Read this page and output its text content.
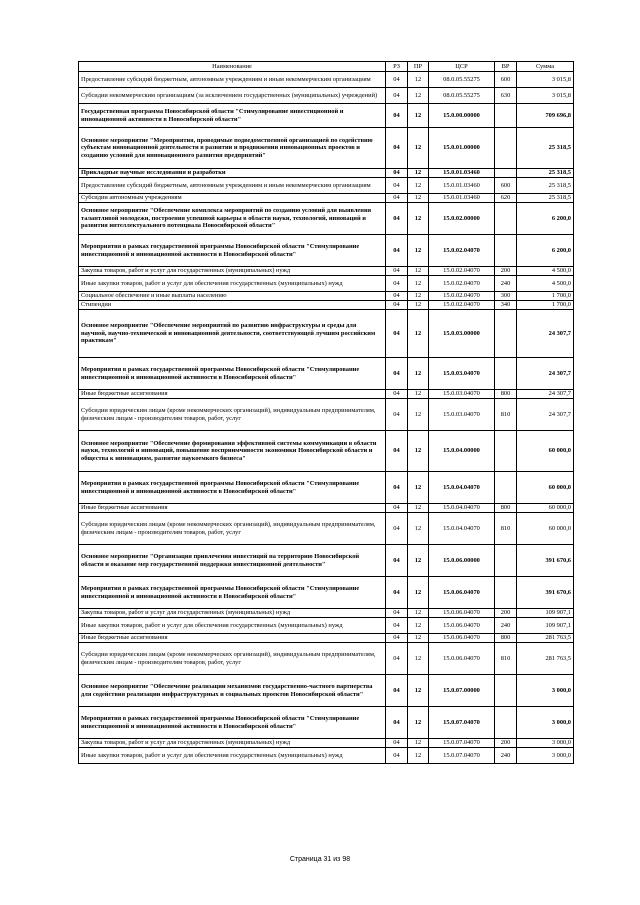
Наименование	РЗ	ПР	ЦСР	ВР	Сумма
Предоставление субсидий бюджетным, автономным учреждениям и иным некоммерческим организациям	04	12	08.0.05.55275	600	3 015,8
Субсидии некоммерческим организациям (за исключением государственных (муниципальных) учреждений)	04	12	08.0.05.55275	630	3 015,8
Государственная программа Новосибирской области "Стимулирование инвестиционной и инновационной активности в Новосибирской области"	04	12	15.0.00.00000		709 696,8
Основное мероприятие "Мероприятия, проводимые подведомственной организацией по содействию субъектам инновационной деятельности в развитии и продвижении инновационных проектов и созданию условий для инновационного развития предприятий"	04	12	15.0.01.00000		25 318,5
Прикладные научные исследования и разработки	04	12	15.0.01.03460		25 318,5
Предоставление субсидий бюджетным, автономным учреждениям и иным некоммерческим организациям	04	12	15.0.01.03460	600	25 318,5
Субсидии автономным учреждениям	04	12	15.0.01.03460	620	25 318,5
Основное мероприятие "Обеспечение комплекса мероприятий по созданию условий для выявления талантливой молодежи, построения успешной карьеры в области науки, технологий, инноваций и развития интеллектуального потенциала Новосибирской области"	04	12	15.0.02.00000		6 200,0
Мероприятия в рамках государственной программы Новосибирской области "Стимулирование инвестиционной и инновационной активности в Новосибирской области"	04	12	15.0.02.04070		6 200,0
Закупка товаров, работ и услуг для государственных (муниципальных) нужд	04	12	15.0.02.04070	200	4 500,0
Иные закупки товаров, работ и услуг для обеспечения государственных (муниципальных) нужд	04	12	15.0.02.04070	240	4 500,0
Социальное обеспечение и иные выплаты населению	04	12	15.0.02.04070	300	1 700,0
Стипендии	04	12	15.0.02.04070	340	1 700,0
Основное мероприятие "Обеспечение мероприятий по развитию инфраструктуры и среды для научной, научно-технической и инновационной деятельности, соответствующей лучшим российским практикам"	04	12	15.0.03.00000		24 307,7
Мероприятия в рамках государственной программы Новосибирской области "Стимулирование инвестиционной и инновационной активности в Новосибирской области"	04	12	15.0.03.04070		24 307,7
Иные бюджетные ассигнования	04	12	15.0.03.04070	800	24 307,7
Субсидии юридическим лицам (кроме некоммерческих организаций), индивидуальным предпринимателям, физическим лицам - производителям товаров, работ, услуг	04	12	15.0.03.04070	810	24 307,7
Основное мероприятие "Обеспечение формирования эффективной системы коммуникации в области науки, технологий и инноваций, повышение восприимчивости экономики Новосибирской области и общества к инновациям, развитие наукоемкого бизнеса"	04	12	15.0.04.00000		60 000,0
Мероприятия в рамках государственной программы Новосибирской области "Стимулирование инвестиционной и инновационной активности в Новосибирской области"	04	12	15.0.04.04070		60 000,0
Иные бюджетные ассигнования	04	12	15.0.04.04070	800	60 000,0
Субсидии юридическим лицам (кроме некоммерческих организаций), индивидуальным предпринимателям, физическим лицам - производителям товаров, работ, услуг	04	12	15.0.04.04070	810	60 000,0
Основное мероприятие "Организация привлечения инвестиций на территорию Новосибирской области и оказание мер государственной поддержки инвестиционной деятельности"	04	12	15.0.06.00000		391 670,6
Мероприятия в рамках государственной программы Новосибирской области "Стимулирование инвестиционной и инновационной активности в Новосибирской области"	04	12	15.0.06.04070		391 670,6
Закупка товаров, работ и услуг для государственных (муниципальных) нужд	04	12	15.0.06.04070	200	109 907,1
Иные закупки товаров, работ и услуг для обеспечения государственных (муниципальных) нужд	04	12	15.0.06.04070	240	109 907,1
Иные бюджетные ассигнования	04	12	15.0.06.04070	800	281 763,5
Субсидии юридическим лицам (кроме некоммерческих организаций), индивидуальным предпринимателям, физическим лицам - производителям товаров, работ, услуг	04	12	15.0.06.04070	810	281 763,5
Основное мероприятие "Обеспечение реализации механизмов государственно-частного партнерства для содействия реализации инфраструктурных и социальных проектов Новосибирской области"	04	12	15.0.07.00000		3 000,0
Мероприятия в рамках государственной программы Новосибирской области "Стимулирование инвестиционной и инновационной активности в Новосибирской области"	04	12	15.0.07.04070		3 000,0
Закупка товаров, работ и услуг для государственных (муниципальных) нужд	04	12	15.0.07.04070	200	3 000,0
Иные закупки товаров, работ и услуг для обеспечения государственных (муниципальных) нужд	04	12	15.0.07.04070	240	3 000,0
Страница 31 из 98
